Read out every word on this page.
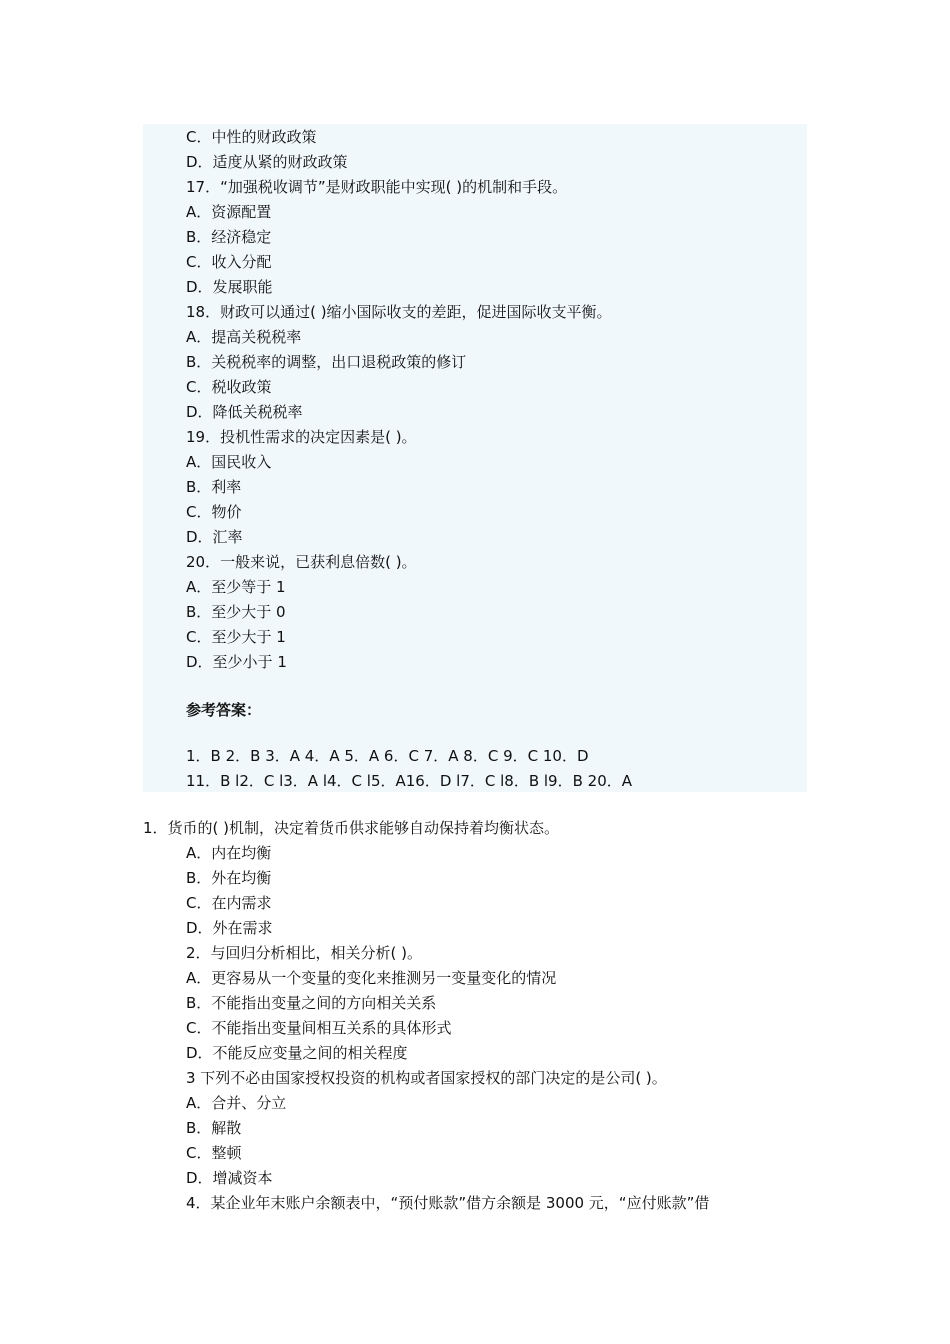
C．中性的财政政策
D．适度从紧的财政政策
17．“加强税收调节”是财政职能中实现( )的机制和手段。
A．资源配置
B．经济稳定
C．收入分配
D．发展职能
18．财政可以通过( )缩小国际收支的差距，促进国际收支平衡。
A．提高关税税率
B．关税税率的调整，出口退税政策的修订
C．税收政策
D．降低关税税率
19．投机性需求的决定因素是( )。
A．国民收入
B．利率
C．物价
D．汇率
20．一般来说，已获利息倍数( )。
A．至少等于 1
B．至少大于 0
C．至少大于 1
D．至少小于 1
参考答案：
1．B 2．B 3．A 4．A 5．A 6．C 7．A 8．C 9．C 10．D
11．B l2．C l3．A l4．C l5．A16．D l7．C l8．B l9．B 20．A
1．货币的( )机制，决定着货币供求能够自动保持着均衡状态。
A．内在均衡
B．外在均衡
C．在内需求
D．外在需求
2．与回归分析相比，相关分析( )。
A．更容易从一个变量的变化来推测另一变量变化的情况
B．不能指出变量之间的方向相关关系
C．不能指出变量间相互关系的具体形式
D．不能反应变量之间的相关程度
3 下列不必由国家授权投资的机构或者国家授权的部门决定的是公司( )。
A．合并、分立
B．解散
C．整顿
D．增减资本
4．某企业年末账户余额表中，“预付账款”借方余额是 3000 元，“应付账款”借
